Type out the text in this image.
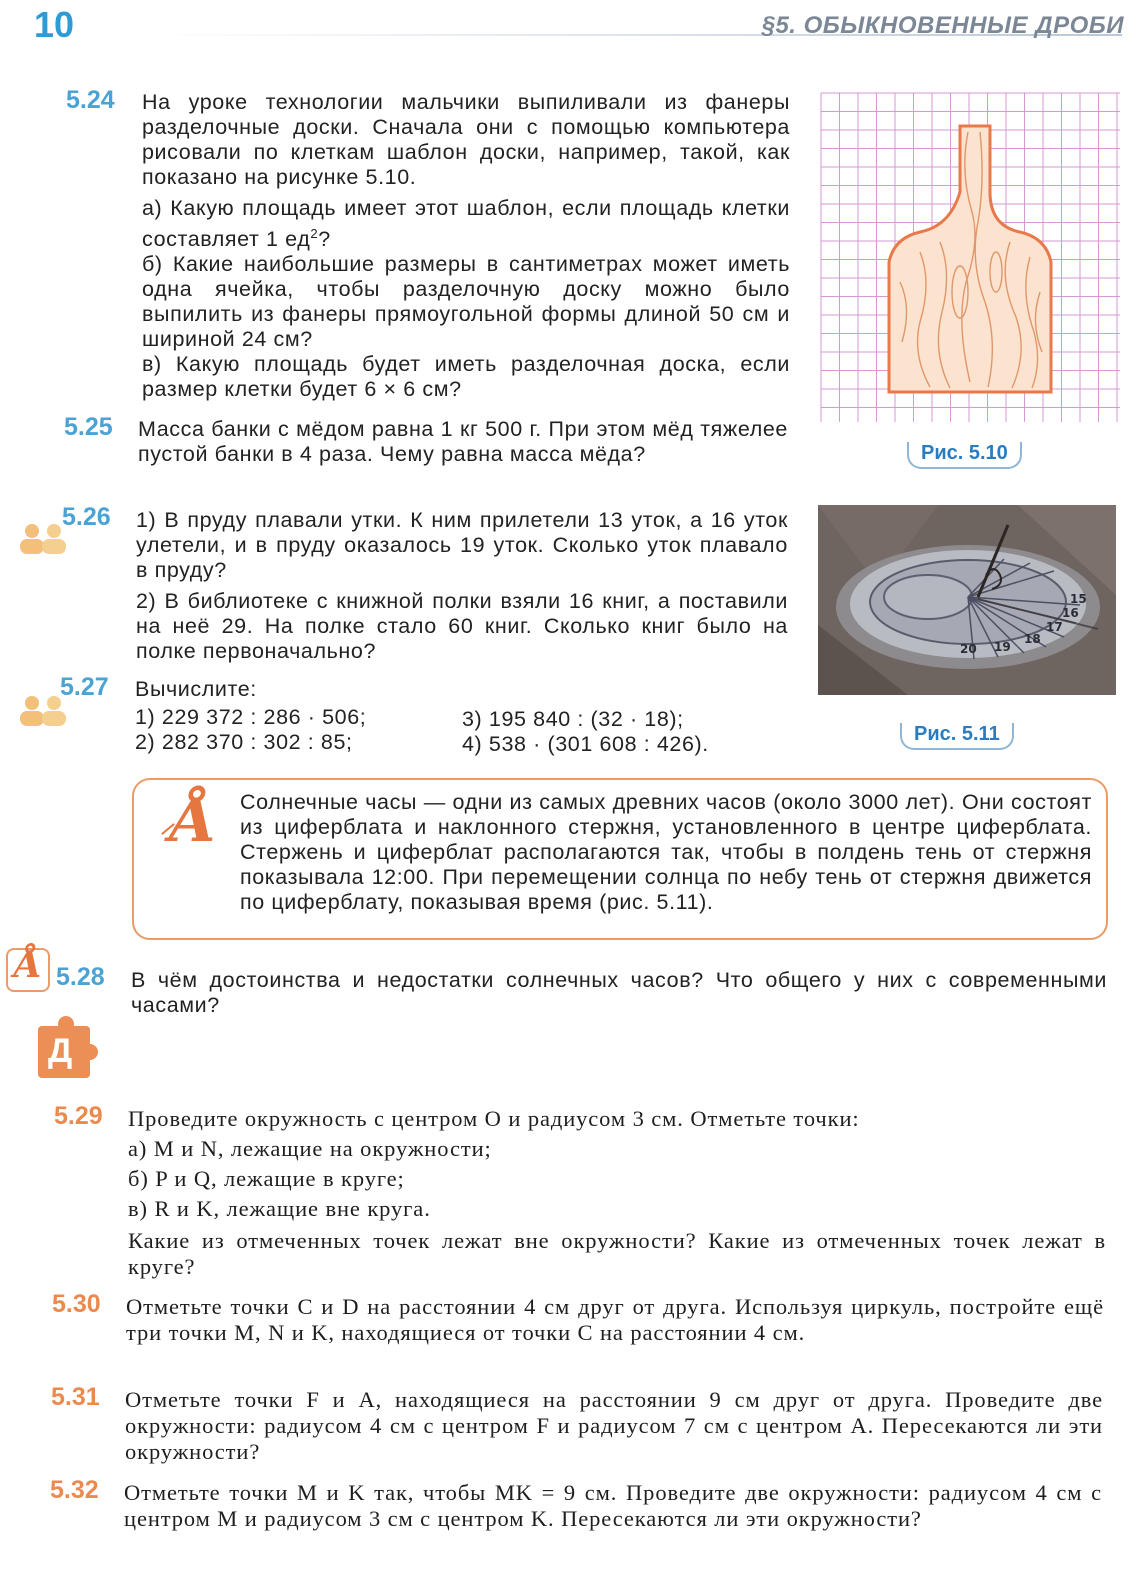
10	§5. ОБЫКНОВЕННЫЕ ДРОБИ
5.24 На уроке технологии мальчики выпиливали из фанеры разделочные доски. Сначала они с помощью компьютера рисовали по клеткам шаблон доски, например, такой, как показано на рисунке 5.10.

а) Какую площадь имеет этот шаблон, если площадь клетки составляет 1 $ед^2$?

б) Какие наибольшие размеры в сантиметрах может иметь одна ячейка, чтобы разделочную доску можно было выпилить из фанеры прямоугольной формы длиной 50 см и шириной 24 см?

в) Какую площадь будет иметь разделочная доска, если размер клетки будет 6 × 6 см?

Рис. 5.10
5.25 Масса банки с мёдом равна 1 кг 500 г. При этом мёд тяжелее пустой банки в 4 раза. Чему равна масса мёда?

5.26 1) В пруду плавали утки. К ним прилетели 13 уток, а 16 уток улетели, и в пруду оказалось 19 уток. Сколько уток плавало в пруду?

2) В библиотеке с книжной полки взяли 16 книг, а поставили на неё 29. На полке стало 60 книг. Сколько книг было на полке первоначально?	20 19
18
17
16
15
Рис. 5.11
5.27 Вычислите:
1) 229 372 : 286 · 506;
2) 282 370 : 302 : 85;
3) 195 840 : (32 · 18);
4) 538 · (301 608 : 426).
Å Солнечные часы — одни из самых древних часов (около 3000 лет). Они состоят из циферблата и наклонного стержня, установленного в центре циферблата. Стержень и циферблат располагаются так, чтобы в полдень тень от стержня показывала 12:00. При перемещении солнца по небу тень от стержня движется по циферблату, показывая время (рис. 5.11).

Å 5.28 В чём достоинства и недостатки солнечных часов? Что общего у них с современными часами?

Д
5.29 Проведите окружность с центром O и радиусом 3 см. Отметьте точки:

а) M и N, лежащие на окружности;

б) P и Q, лежащие в круге;

в) R и K, лежащие вне круга.

Какие из отмеченных точек лежат вне окружности? Какие из отмеченных точек лежат в круге?

5.30 Отметьте точки C и D на расстоянии 4 см друг от друга. Используя циркуль, постройте ещё три точки M, N и K, находящиеся от точки C на расстоянии 4 см.

5.31 Отметьте точки F и A, находящиеся на расстоянии 9 см друг от друга. Проведите две окружности: радиусом 4 см с центром F и радиусом 7 см с центром A. Пересекаются ли эти окружности?

5.32 Отметьте точки M и K так, чтобы MK = 9 см. Проведите две окружности: радиусом 4 см с центром M и радиусом 3 см с центром K. Пересекаются ли эти окружности?
